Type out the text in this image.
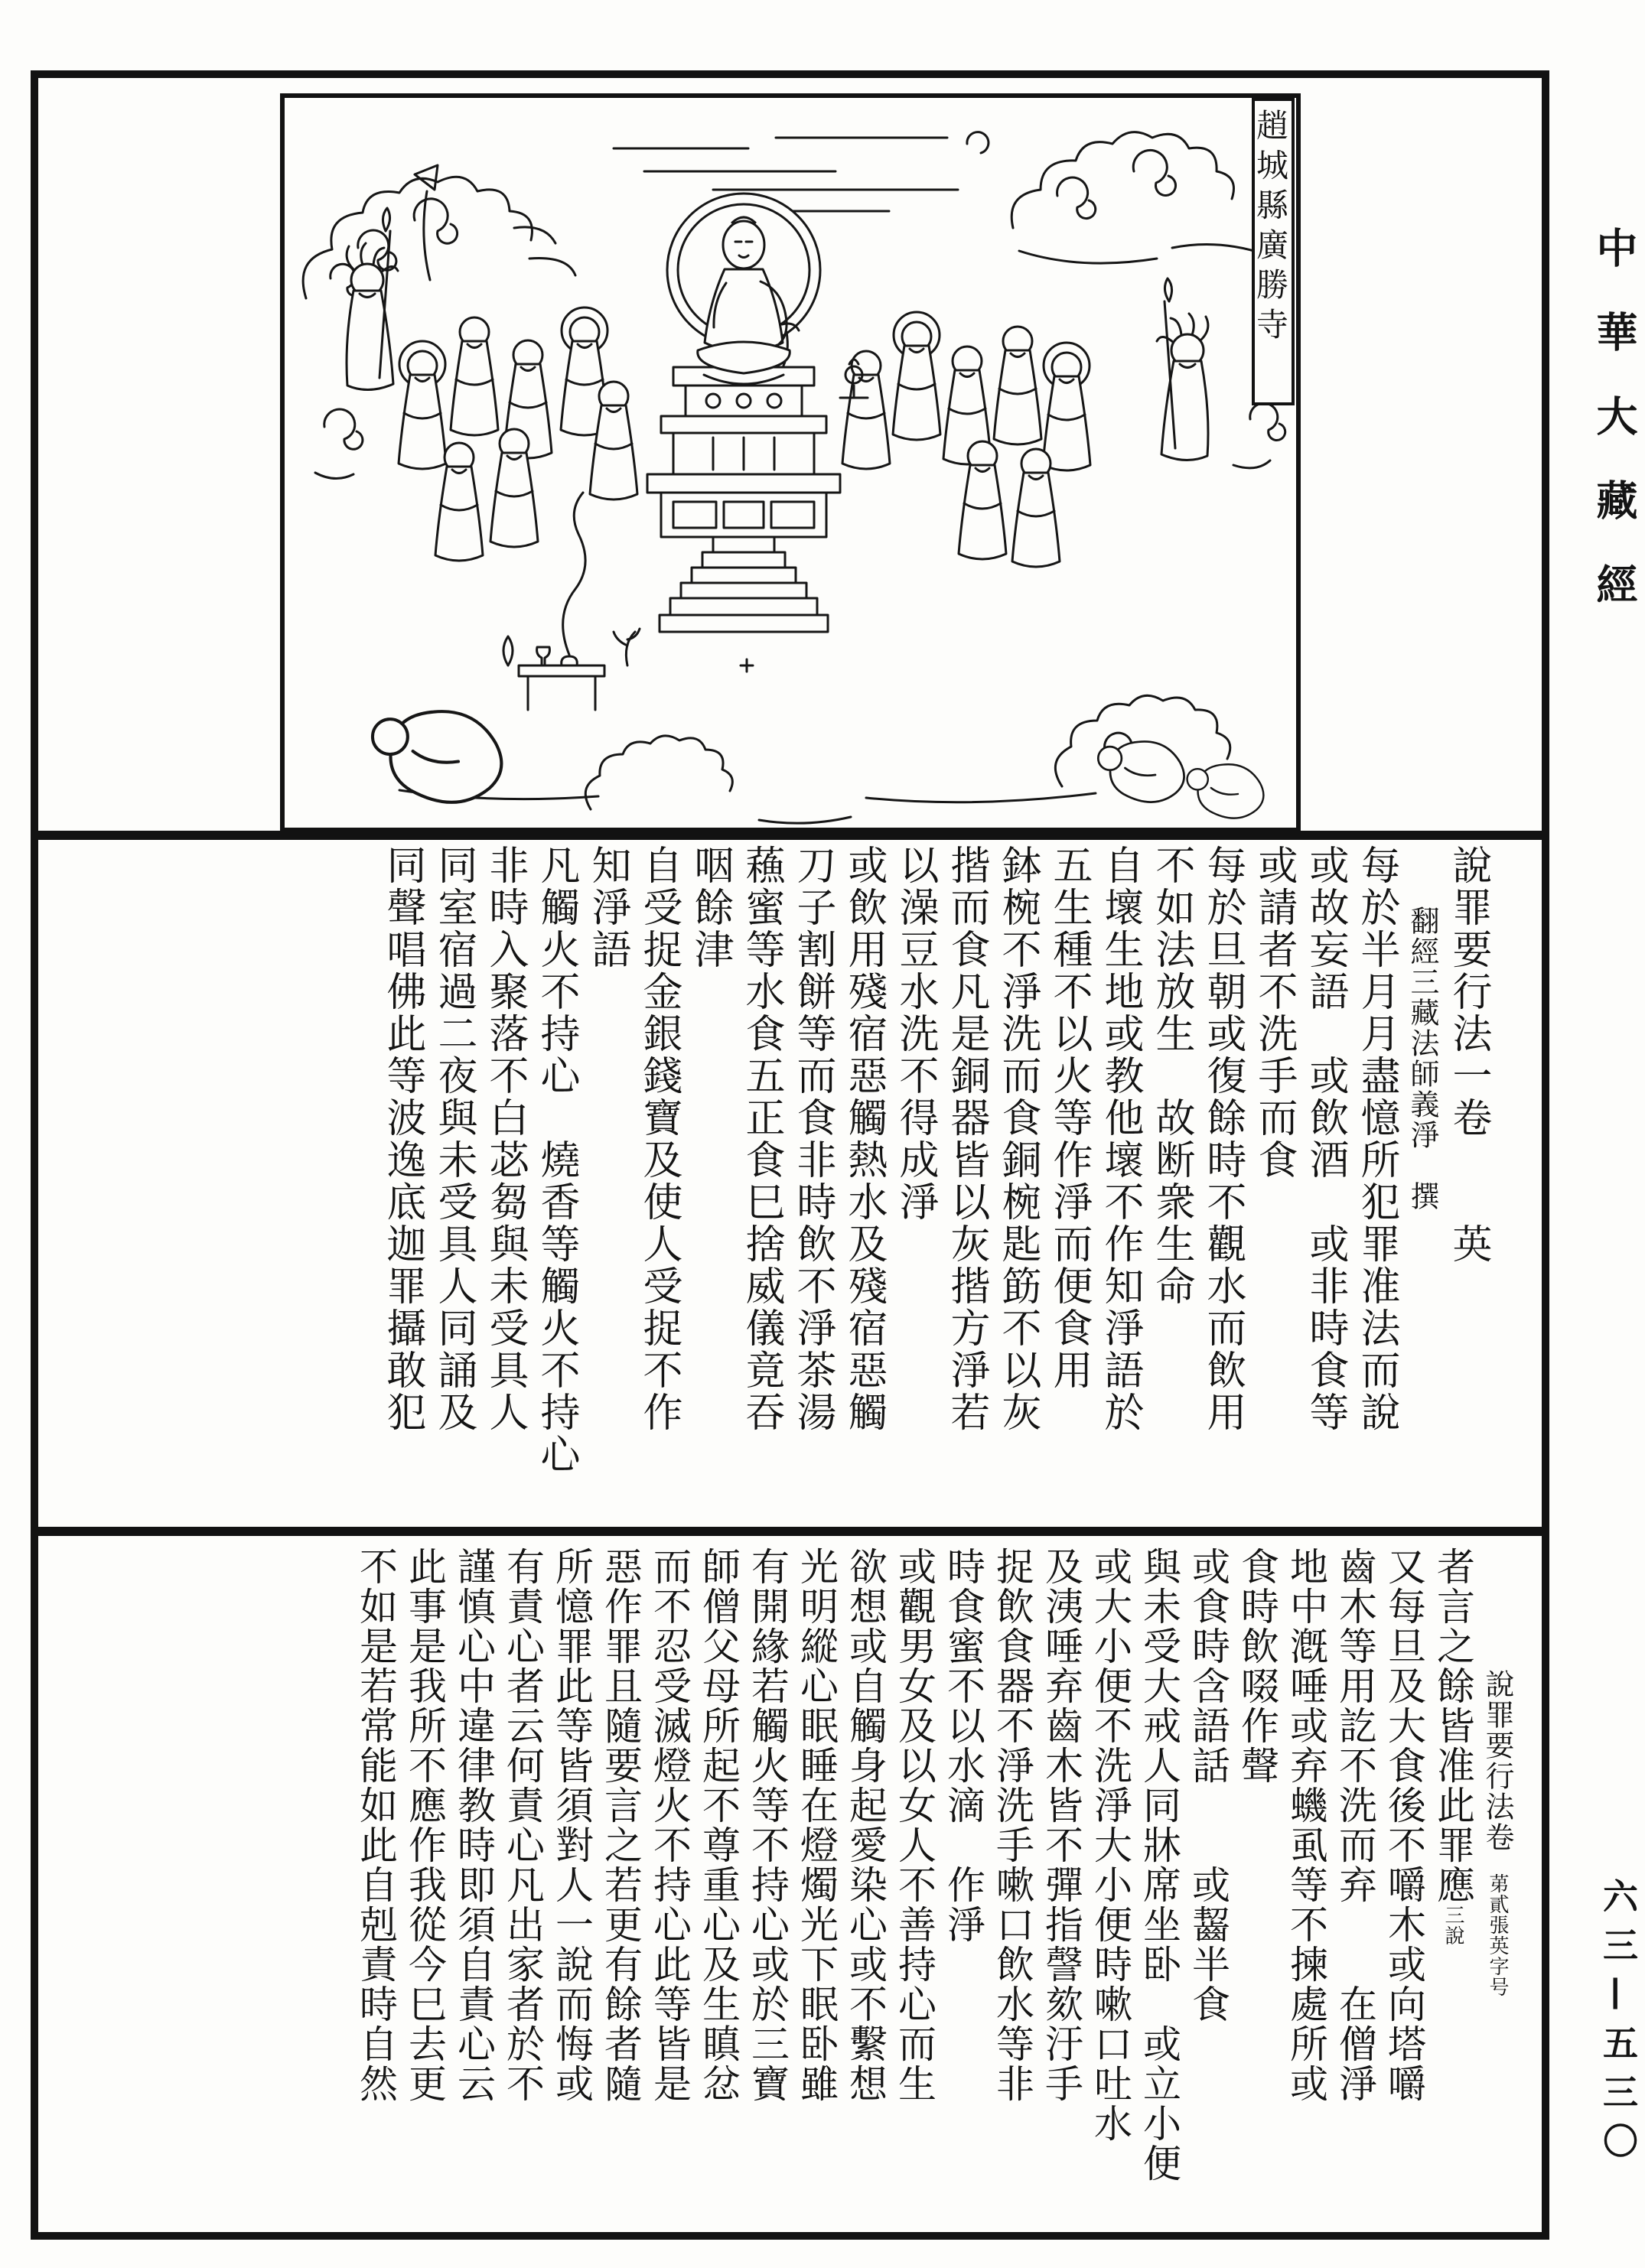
趙城縣廣勝寺
說罪要行法一卷　　英
　　翻經三藏法師義淨　撰
每於半月月盡憶所犯罪准法而說
或故妄語　或飲酒　或非時食等
或請者不洗手而食
每於旦朝或復餘時不觀水而飲用
不如法放生　故断衆生命
自壞生地或教他壞不作知淨語於
五生種不以火等作淨而便食用
鉢椀不淨洗而食銅椀匙筯不以灰
揩而食凡是銅器皆以灰揩方淨若
以澡豆水洗不得成淨
或飲用殘宿惡觸熱水及殘宿惡觸
刀子割餅等而食非時飲不淨茶湯
蘓蜜等水食五正食巳捨威儀竟吞
咽餘津
自受捉金銀錢寶及使人受捉不作
知淨語
凡觸火不持心　燒香等觸火不持心
非時入聚落不白苾芻與未受具人
同室宿過二夜與未受具人同誦及
同聲唱佛此等波逸底迦罪攝敢犯
　　　　說罪要行法卷　苐貳張英字号
者言之餘皆准此罪應三說
又每旦及大食後不嚼木或向塔嚼
齒木等用訖不洗而弃　　在僧淨
地中漑唾或弃蟣虱等不揀處所或
食時飲啜作聲
或食時含語話　　或齧半食
與未受大戒人同牀席坐卧　或立小便
或大小便不洗淨大小便時嗽口吐水
及洟唾弃齒木皆不彈指謦欬汙手
捉飲食器不淨洗手嗽口飲水等非
時食蜜不以水滴　作淨
或觀男女及以女人不善持心而生
欲想或自觸身起愛染心或不繫想
光明縱心眠睡在燈燭光下眠卧雖
有開緣若觸火等不持心或於三寶
師僧父母所起不尊重心及生瞋忿
而不忍受滅燈火不持心此等皆是
惡作罪且隨要言之若更有餘者隨
所憶罪此等皆須對人一說而悔或
有責心者云何責心凡出家者於不
謹慎心中違律教時即須自責心云
此事是我所不應作我從今巳去更
不如是若常能如此自剋責時自然
中華大藏經
六三—五三〇
